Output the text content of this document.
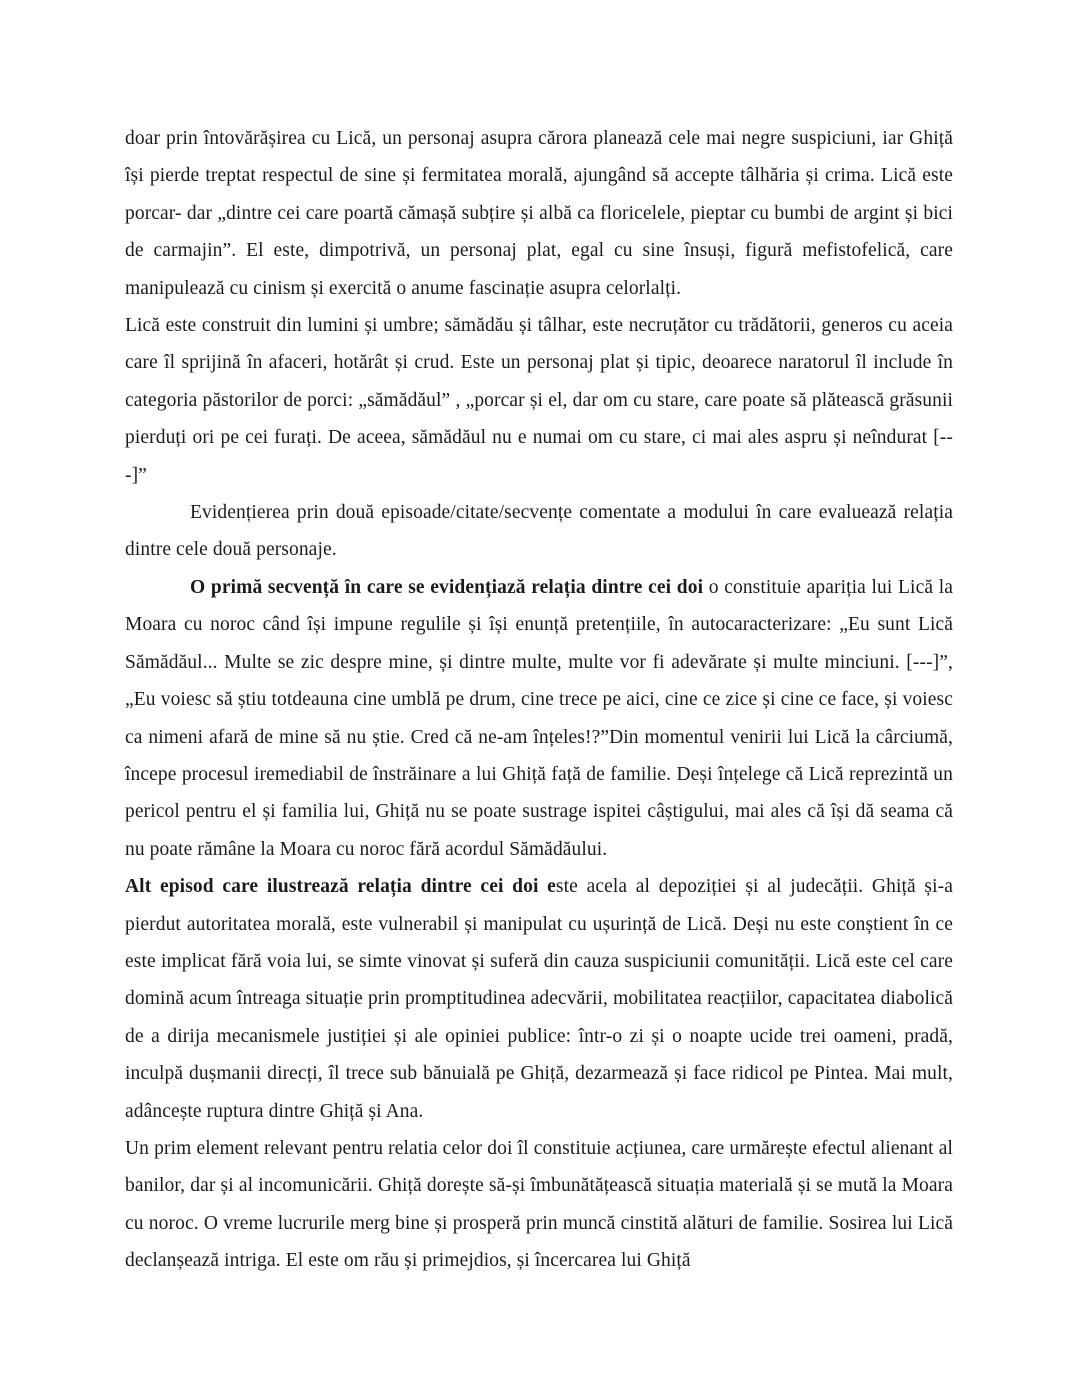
doar prin întovărășirea cu Lică, un personaj asupra cărora planează cele mai negre suspiciuni, iar Ghiță își pierde treptat respectul de sine și fermitatea morală, ajungând să accepte tâlhăria și crima. Lică este porcar- dar „dintre cei care poartă cămașă subțire și albă ca floricelele, pieptar cu bumbi de argint și bici de carmajin”. El este, dimpotrivă, un personaj plat, egal cu sine însuși, figură mefistofelică, care manipulează cu cinism și exercită o anume fascinație asupra celorlalți.

Lică este construit din lumini și umbre; sămădău și tâlhar, este necruțător cu trădătorii, generos cu aceia care îl sprijină în afaceri, hotărât și crud. Este un personaj plat și tipic, deoarece naratorul îl include în categoria păstorilor de porci: „sămădăul” , „porcar și el, dar om cu stare, care poate să plătească grăsunii pierduți ori pe cei furați. De aceea, sămădăul nu e numai om cu stare, ci mai ales aspru și neîndurat [---]”

Evidențierea prin două episoade/citate/secvențe comentate a modului în care evaluează relația dintre cele două personaje.

O primă secvență în care se evidențiază relația dintre cei doi o constituie apariția lui Lică la Moara cu noroc când își impune regulile și își enunță pretențiile, în autocaracterizare: „Eu sunt Lică Sămădăul... Multe se zic despre mine, și dintre multe, multe vor fi adevărate și multe minciuni. [---]”, „Eu voiesc să știu totdeauna cine umblă pe drum, cine trece pe aici, cine ce zice și cine ce face, și voiesc ca nimeni afară de mine să nu știe. Cred că ne-am înțeles!?”Din momentul venirii lui Lică la cârciumă, începe procesul iremediabil de înstrăinare a lui Ghiță față de familie. Deși înțelege că Lică reprezintă un pericol pentru el și familia lui, Ghiță nu se poate sustrage ispitei câștigului, mai ales că își dă seama că nu poate rămâne la Moara cu noroc fără acordul Sămădăului.

Alt episod care ilustrează relația dintre cei doi este acela al depoziției și al judecății. Ghiță și-a pierdut autoritatea morală, este vulnerabil și manipulat cu ușurință de Lică. Deși nu este conștient în ce este implicat fără voia lui, se simte vinovat și suferă din cauza suspiciunii comunității. Lică este cel care domină acum întreaga situație prin promptitudinea adecvării, mobilitatea reacțiilor, capacitatea diabolică de a dirija mecanismele justiției și ale opiniei publice: într-o zi și o noapte ucide trei oameni, pradă, inculpă dușmanii direcți, îl trece sub bănuială pe Ghiță, dezarmează și face ridicol pe Pintea. Mai mult, adâncește ruptura dintre Ghiță și Ana.

Un prim element relevant pentru relatia celor doi îl constituie acțiunea, care urmărește efectul alienant al banilor, dar și al incomunicării. Ghiță dorește să-și îmbunătățească situația materială și se mută la Moara cu noroc. O vreme lucrurile merg bine și prosperă prin muncă cinstită alături de familie. Sosirea lui Lică declanșează intriga. El este om rău și primejdios, și încercarea lui Ghiță
